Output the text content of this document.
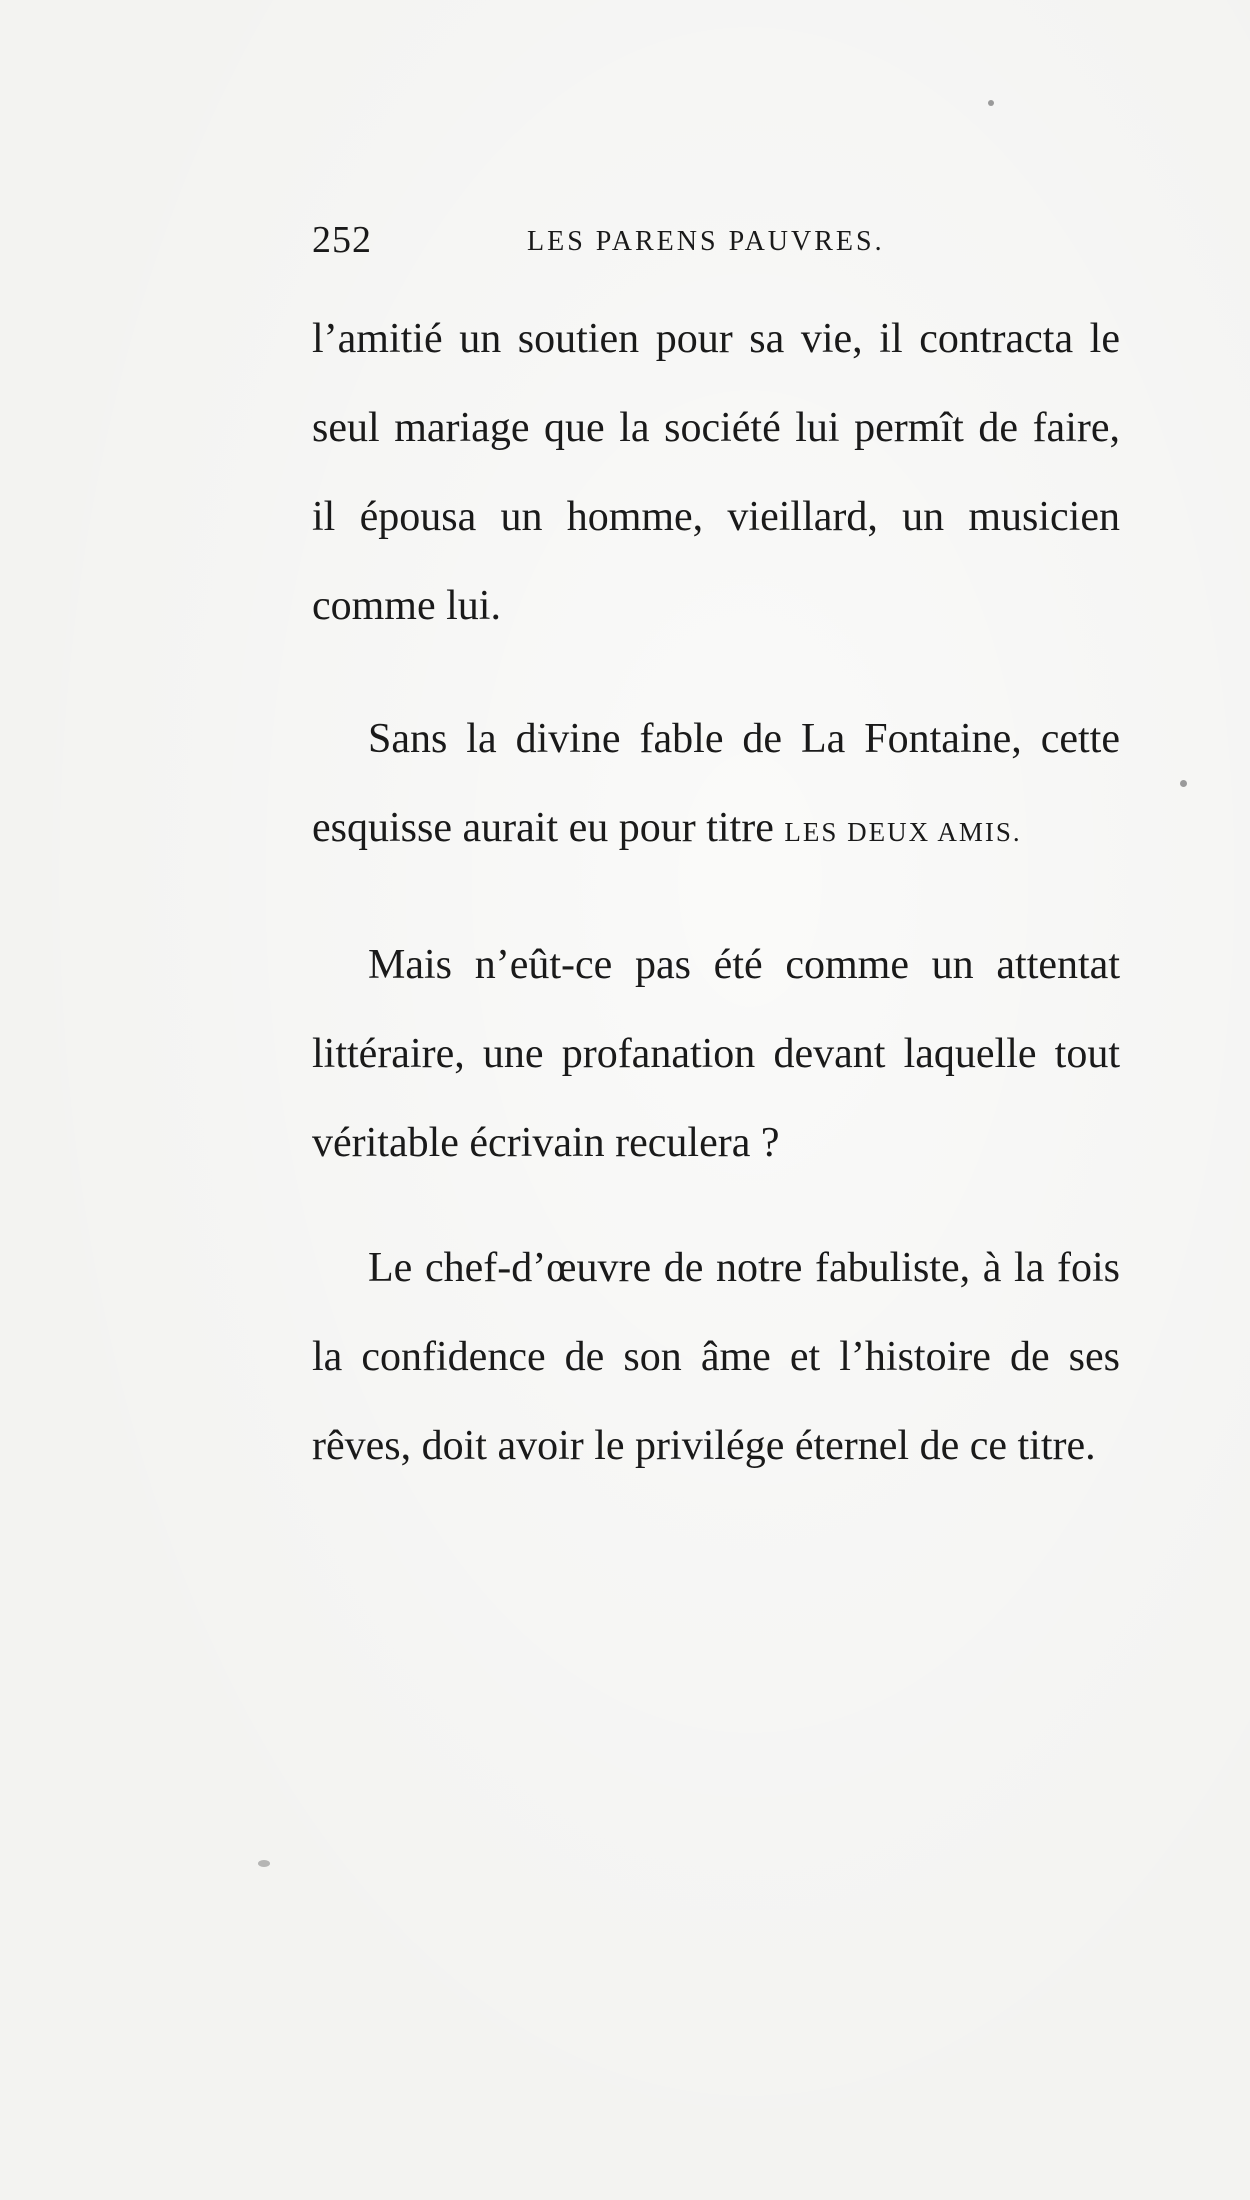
252	LES PARENS PAUVRES.

l’amitié un soutien pour sa vie, il contracta le seul mariage que la société lui permît de faire, il épousa un homme, vieillard, un musicien comme lui.

Sans la divine fable de La Fontaine, cette esquisse aurait eu pour titre LES DEUX AMIS.

Mais n’eût-ce pas été comme un attentat littéraire, une profanation devant laquelle tout véritable écrivain reculera ?

Le chef-d’œuvre de notre fabuliste, à la fois la confidence de son âme et l’histoire de ses rêves, doit avoir le privilége éternel de ce titre.
